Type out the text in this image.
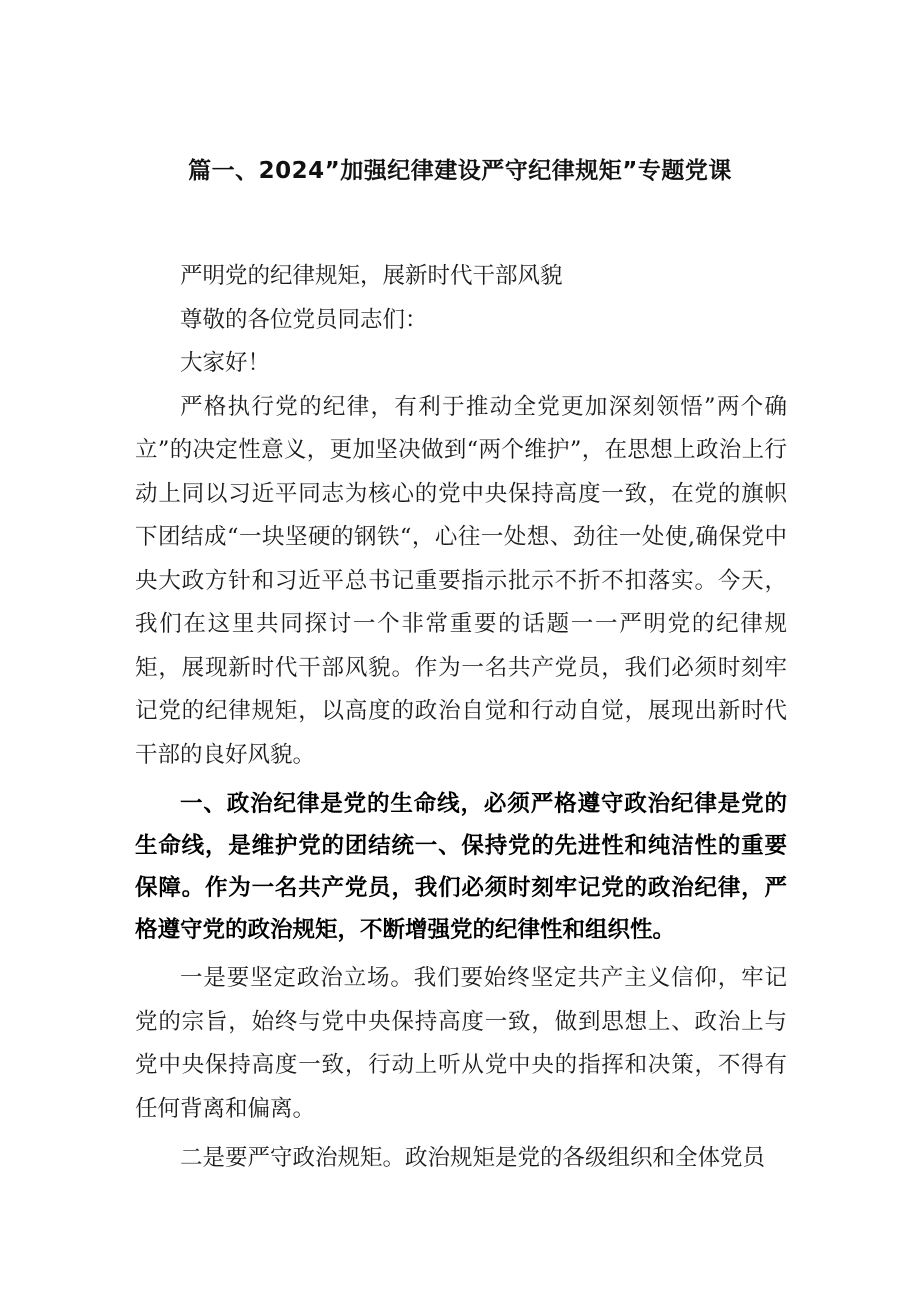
篇一、2024”加强纪律建设严守纪律规矩”专题党课

严明党的纪律规矩，展新时代干部风貌

尊敬的各位党员同志们：

大家好！

严格执行党的纪律，有利于推动全党更加深刻领悟”两个确立”的决定性意义，更加坚决做到“两个维护”，在思想上政治上行动上同以习近平同志为核心的党中央保持高度一致，在党的旗帜下团结成“一块坚硬的钢铁“，心往一处想、劲往一处使,确保党中央大政方针和习近平总书记重要指示批示不折不扣落实。今天，我们在这里共同探讨一个非常重要的话题一一严明党的纪律规矩，展现新时代干部风貌。作为一名共产党员，我们必须时刻牢记党的纪律规矩，以高度的政治自觉和行动自觉，展现出新时代干部的良好风貌。

一、政治纪律是党的生命线，必须严格遵守政治纪律是党的生命线，是维护党的团结统一、保持党的先进性和纯洁性的重要保障。作为一名共产党员，我们必须时刻牢记党的政治纪律，严格遵守党的政治规矩，不断增强党的纪律性和组织性。

一是要坚定政治立场。我们要始终坚定共产主义信仰，牢记党的宗旨，始终与党中央保持高度一致，做到思想上、政治上与党中央保持高度一致，行动上听从党中央的指挥和决策，不得有任何背离和偏离。

二是要严守政治规矩。政治规矩是党的各级组织和全体党员
